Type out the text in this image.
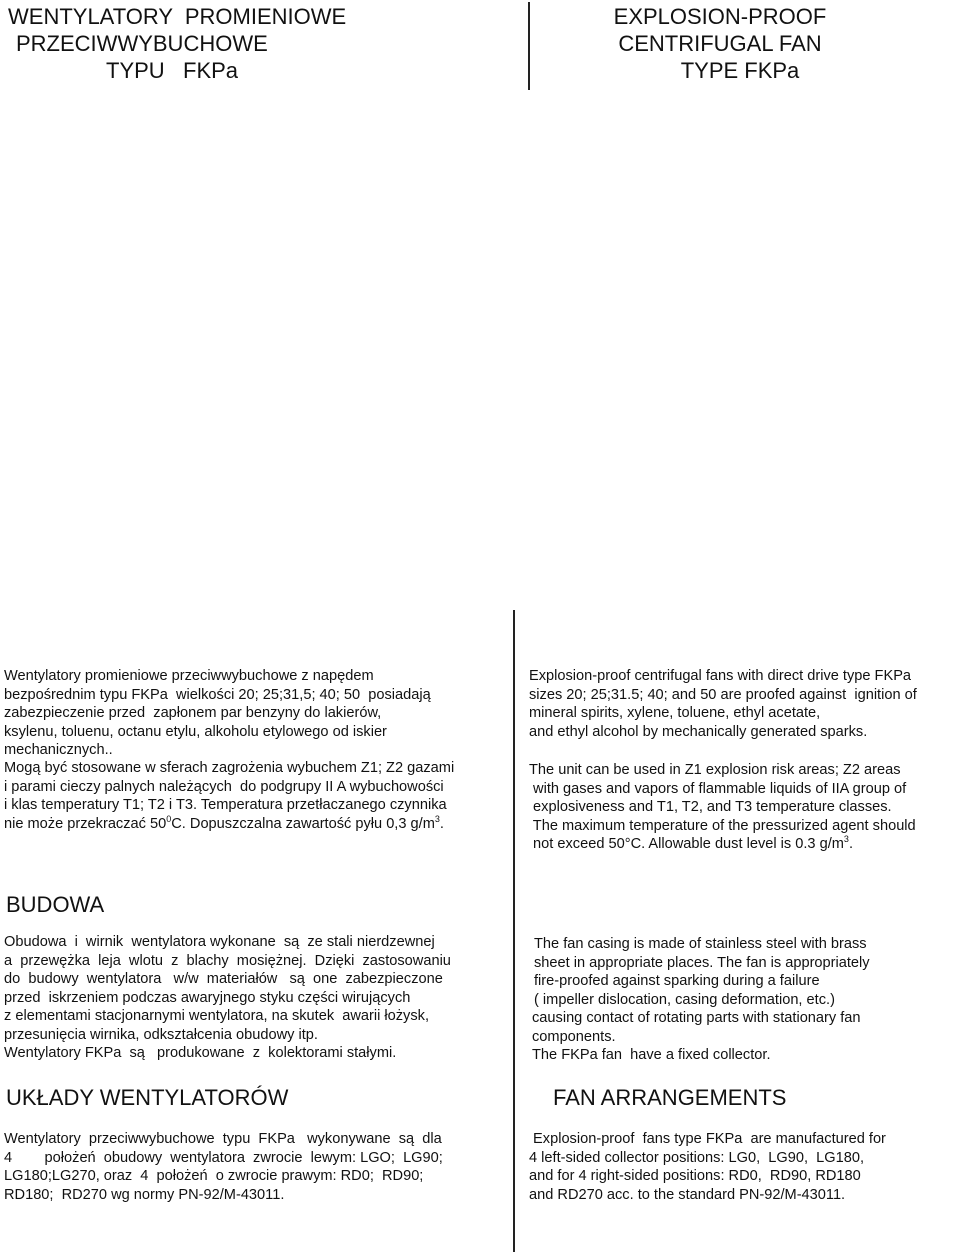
WENTYLATORY  PROMIENIOWE
PRZECIWWYBUCHOWE
TYPU   FKPa
EXPLOSION-PROOF
CENTRIFUGAL FAN
TYPE FKPa
Wentylatory promieniowe przeciwwybuchowe z napędem
bezpośrednim typu FKPa  wielkości 20; 25;31,5; 40; 50  posiadają
zabezpieczenie przed  zapłonem par benzyny do lakierów,
ksylenu, toluenu, octanu etylu, alkoholu etylowego od iskier
mechanicznych..
Mogą być stosowane w sferach zagrożenia wybuchem Z1; Z2 gazami
i parami cieczy palnych należących  do podgrupy II A wybuchowości
i klas temperatury T1; T2 i T3. Temperatura przetłaczanego czynnika
nie może przekraczać $50^0C$. Dopuszczalna zawartość pyłu 0,3 $g/m^3$.
Explosion-proof centrifugal fans with direct drive type FKPa
sizes 20; 25;31.5; 40; and 50 are proofed against  ignition of
mineral spirits, xylene, toluene, ethyl acetate,
and ethyl alcohol by mechanically generated sparks.
The unit can be used in Z1 explosion risk areas; Z2 areas
with gases and vapors of flammable liquids of IIA group of
explosiveness and T1, T2, and T3 temperature classes.
The maximum temperature of the pressurized agent should
not exceed 50°C. Allowable dust level is 0.3 $g/m^3$.
BUDOWA
Obudowa  i  wirnik  wentylatora wykonane  są  ze stali nierdzewnej
a  przewężka  leja  wlotu  z  blachy  mosiężnej.  Dzięki  zastosowaniu
do  budowy  wentylatora   w/w  materiałów   są  one  zabezpieczone
przed  iskrzeniem podczas awaryjnego styku części wirujących
z elementami stacjonarnymi wentylatora, na skutek  awarii łożysk,
przesunięcia wirnika, odkształcenia obudowy itp.
Wentylatory FKPa  są   produkowane  z  kolektorami stałymi.
The fan casing is made of stainless steel with brass
sheet in appropriate places. The fan is appropriately
fire-proofed against sparking during a failure
( impeller dislocation, casing deformation, etc.)
causing contact of rotating parts with stationary fan
components.
The FKPa fan  have a fixed collector.
UKŁADY WENTYLATORÓW	FAN ARRANGEMENTS
Wentylatory  przeciwwybuchowe  typu  FKPa   wykonywane  są  dla
4        położeń  obudowy  wentylatora  zwrocie  lewym: LGO;  LG90;
LG180;LG270, oraz  4  położeń  o zwrocie prawym: RD0;  RD90;
RD180;  RD270 wg normy PN-92/M-43011.
Explosion-proof  fans type FKPa  are manufactured for
4 left-sided collector positions: LG0,  LG90,  LG180,
and for 4 right-sided positions: RD0,  RD90, RD180
and RD270 acc. to the standard PN-92/M-43011.
